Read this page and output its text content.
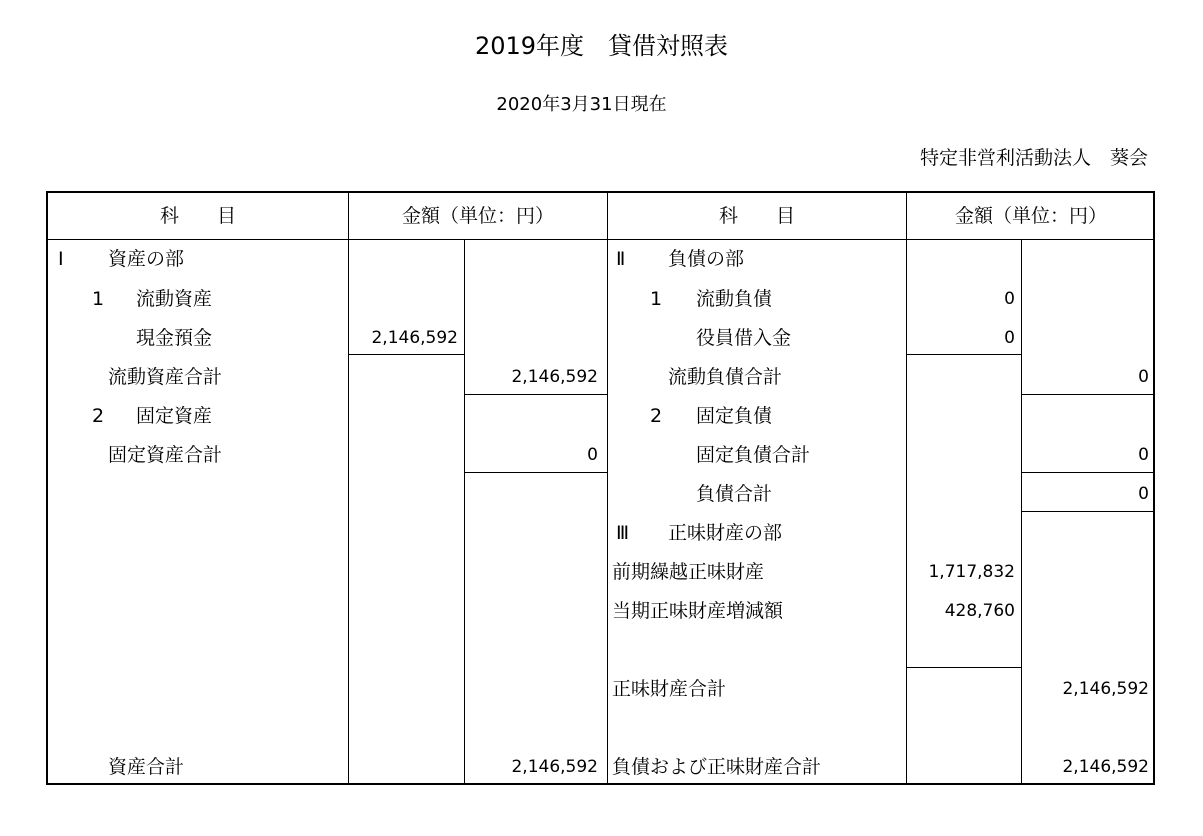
2019年度　貸借対照表
2020年3月31日現在
特定非営利活動法人　葵会
科　　目	金額（単位：円）	科　　目	金額（単位：円）
Ⅰ 資産の部
1 流動資産
現金預金	2,146,592
流動資産合計	2,146,592
2 固定資産
固定資産合計	0
資産合計	2,146,592
Ⅱ 負債の部
1 流動負債	0
役員借入金	0
流動負債合計	0
2 固定負債
固定負債合計	0
負債合計	0
Ⅲ 正味財産の部
前期繰越正味財産	1,717,832
当期正味財産増減額	428,760
正味財産合計	2,146,592
負債および正味財産合計	2,146,592
